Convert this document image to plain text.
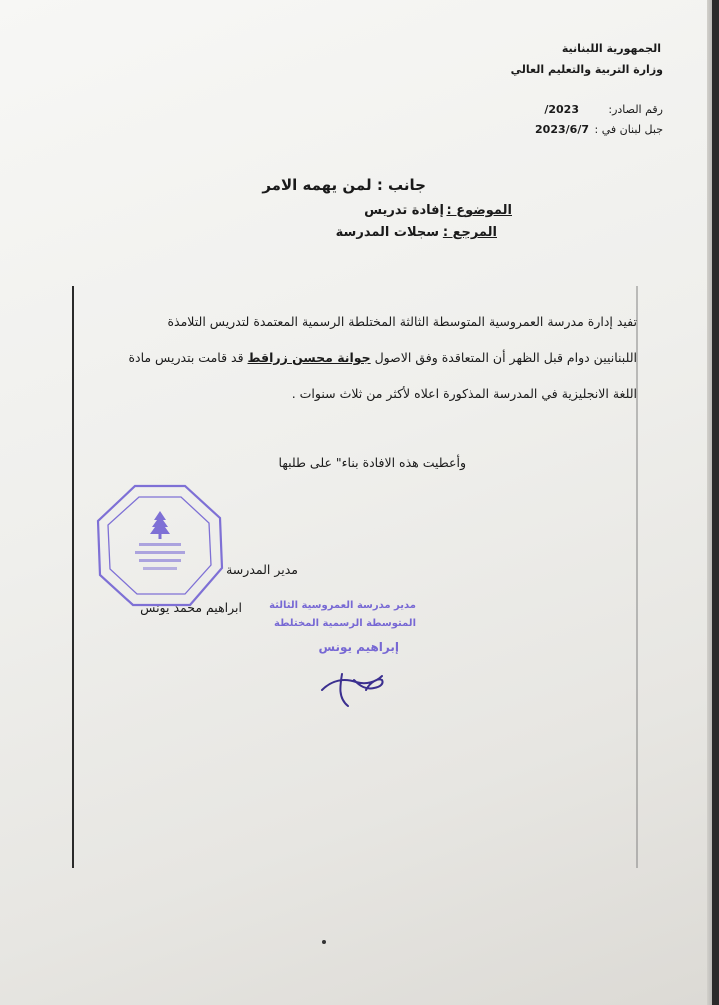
الجمهورية اللبنانية
وزارة التربية والتعليم العالي
رقم الصادر:
2023/
جبل لبنان في :
2023/6/7
جانب : لمن يهمه الامر
الموضوع :
إفادة تدريس
المرجع :
سجلات المدرسة
تفيد إدارة مدرسة العمروسية المتوسطة الثالثة المختلطة الرسمية المعتمدة لتدريس التلامذة
اللبنانيين دوام قبل الظهر أن المتعاقدة وفق الاصول جوانة محسن زراقط قد قامت بتدريس مادة
اللغة الانجليزية في المدرسة المذكورة اعلاه لأكثر من ثلاث سنوات .
وأعطيت هذه الافادة بناء" على طلبها
مدير المدرسة
ابراهيم محمد يونس	مدير مدرسة العمروسية الثالثة
المتوسطة الرسمية المختلطة
إبراهيم يونس
